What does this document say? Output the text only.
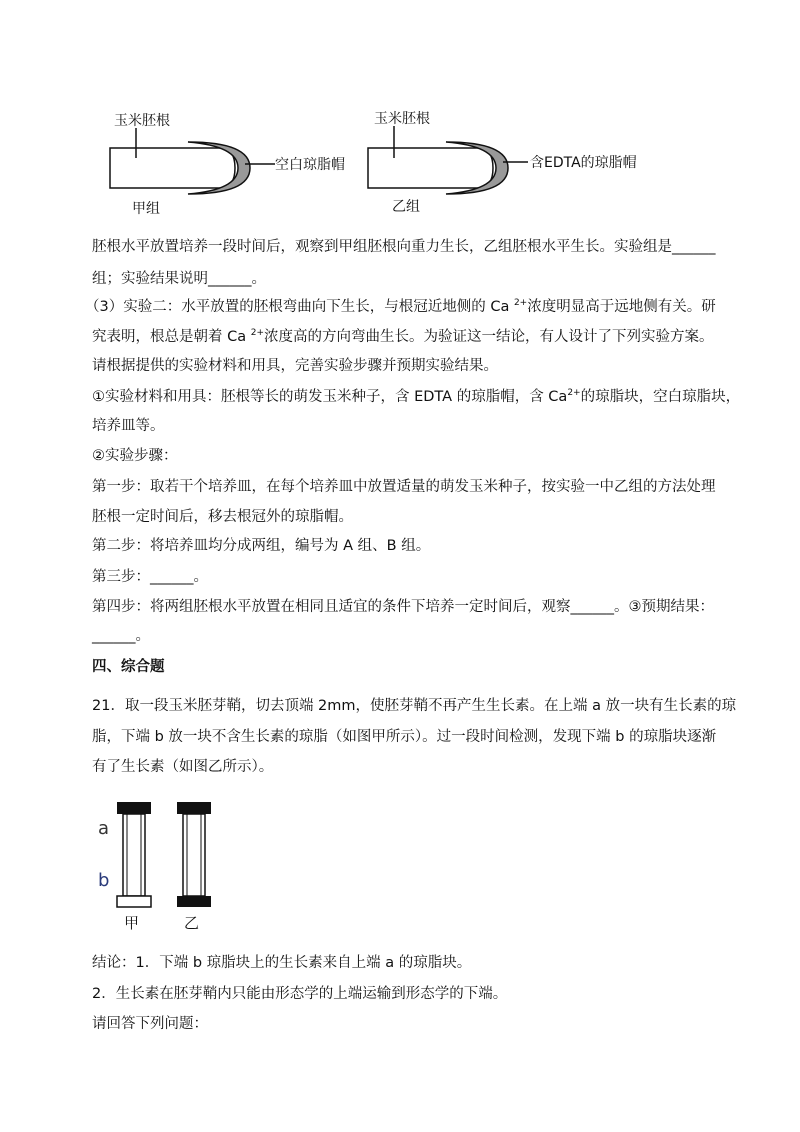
玉米胚根
空白琼脂帽
甲组
玉米胚根
含EDTA的琼脂帽
乙组
胚根水平放置培养一段时间后，观察到甲组胚根向重力生长，乙组胚根水平生长。实验组是______
组；实验结果说明______。
（3）实验二：水平放置的胚根弯曲向下生长，与根冠近地侧的 Ca $^{2+}$浓度明显高于远地侧有关。研
究表明，根总是朝着 Ca $^{2+}$浓度高的方向弯曲生长。为验证这一结论，有人设计了下列实验方案。
请根据提供的实验材料和用具，完善实验步骤并预期实验结果。
①实验材料和用具：胚根等长的萌发玉米种子，含 EDTA 的琼脂帽，含 $Ca^{2+}$的琼脂块，空白琼脂块，
培养皿等。
②实验步骤：
第一步：取若干个培养皿，在每个培养皿中放置适量的萌发玉米种子，按实验一中乙组的方法处理
胚根一定时间后，移去根冠外的琼脂帽。
第二步：将培养皿均分成两组，编号为 A 组、B 组。
第三步：______。
第四步：将两组胚根水平放置在相同且适宜的条件下培养一定时间后，观察______。③预期结果：
______。
四、综合题
21．取一段玉米胚芽鞘，切去顶端 2mm，使胚芽鞘不再产生生长素。在上端 a 放一块有生长素的琼
脂，下端 b 放一块不含生长素的琼脂（如图甲所示）。过一段时间检测，发现下端 b 的琼脂块逐渐
有了生长素（如图乙所示）。
a
b
甲	乙
结论：1．下端 b 琼脂块上的生长素来自上端 a 的琼脂块。
2．生长素在胚芽鞘内只能由形态学的上端运输到形态学的下端。
请回答下列问题：
